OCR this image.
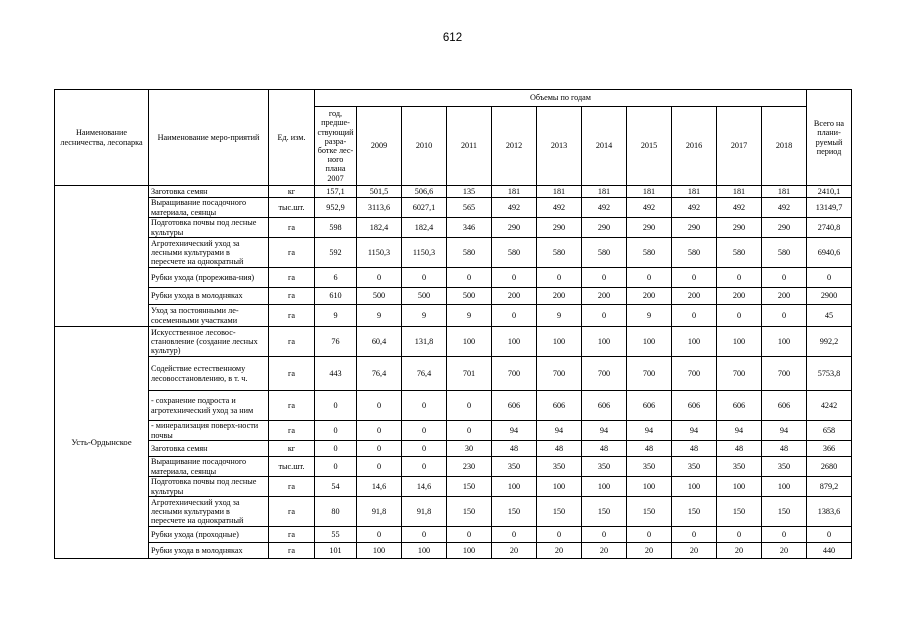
612
Наименование лесничества, лесопарка	Наименование меро-приятий	Ед. изм.	Объемы по годам											Всего на плани-руемый период
			год, предше-ствующий разра-ботке лес-ного плана 2007	2009	2010	2011	2012	2013	2014	2015	2016	2017	2018	
	Заготовка семян	кг	157,1	501,5	506,6	135	181	181	181	181	181	181	181	2410,1
	Выращивание посадочного материала, сеянцы	тыс.шт.	952,9	3113,6	6027,1	565	492	492	492	492	492	492	492	13149,7
	Подготовка почвы под лесные культуры	га	598	182,4	182,4	346	290	290	290	290	290	290	290	2740,8
	Агротехнический уход за лесными культурами в пересчете на однократный	га	592	1150,3	1150,3	580	580	580	580	580	580	580	580	6940,6
	Рубки ухода (прорежива-ния)	га	6	0	0	0	0	0	0	0	0	0	0	0
	Рубки ухода в молодняках	га	610	500	500	500	200	200	200	200	200	200	200	2900
	Уход за постоянными ле-сосеменными участками	га	9	9	9	9	0	9	0	9	0	0	0	45
Усть-Ордынское	Искусственное лесовос-становление (создание лесных культур)	га	76	60,4	131,8	100	100	100	100	100	100	100	100	992,2
	Содействие естественному лесовосстановлению, в т. ч.	га	443	76,4	76,4	701	700	700	700	700	700	700	700	5753,8
	- сохранение подроста и агротехнический уход за ним	га	0	0	0	0	606	606	606	606	606	606	606	4242
	- минерализация поверх-ности почвы	га	0	0	0	0	94	94	94	94	94	94	94	658
	Заготовка семян	кг	0	0	0	30	48	48	48	48	48	48	48	366
	Выращивание посадочного материала, сеянцы	тыс.шт.	0	0	0	230	350	350	350	350	350	350	350	2680
	Подготовка почвы под лесные культуры	га	54	14,6	14,6	150	100	100	100	100	100	100	100	879,2
	Агротехнический уход за лесными культурами в пересчете на однократный	га	80	91,8	91,8	150	150	150	150	150	150	150	150	1383,6
	Рубки ухода (проходные)	га	55	0	0	0	0	0	0	0	0	0	0	0
	Рубки ухода в молодняках	га	101	100	100	100	20	20	20	20	20	20	20	440
